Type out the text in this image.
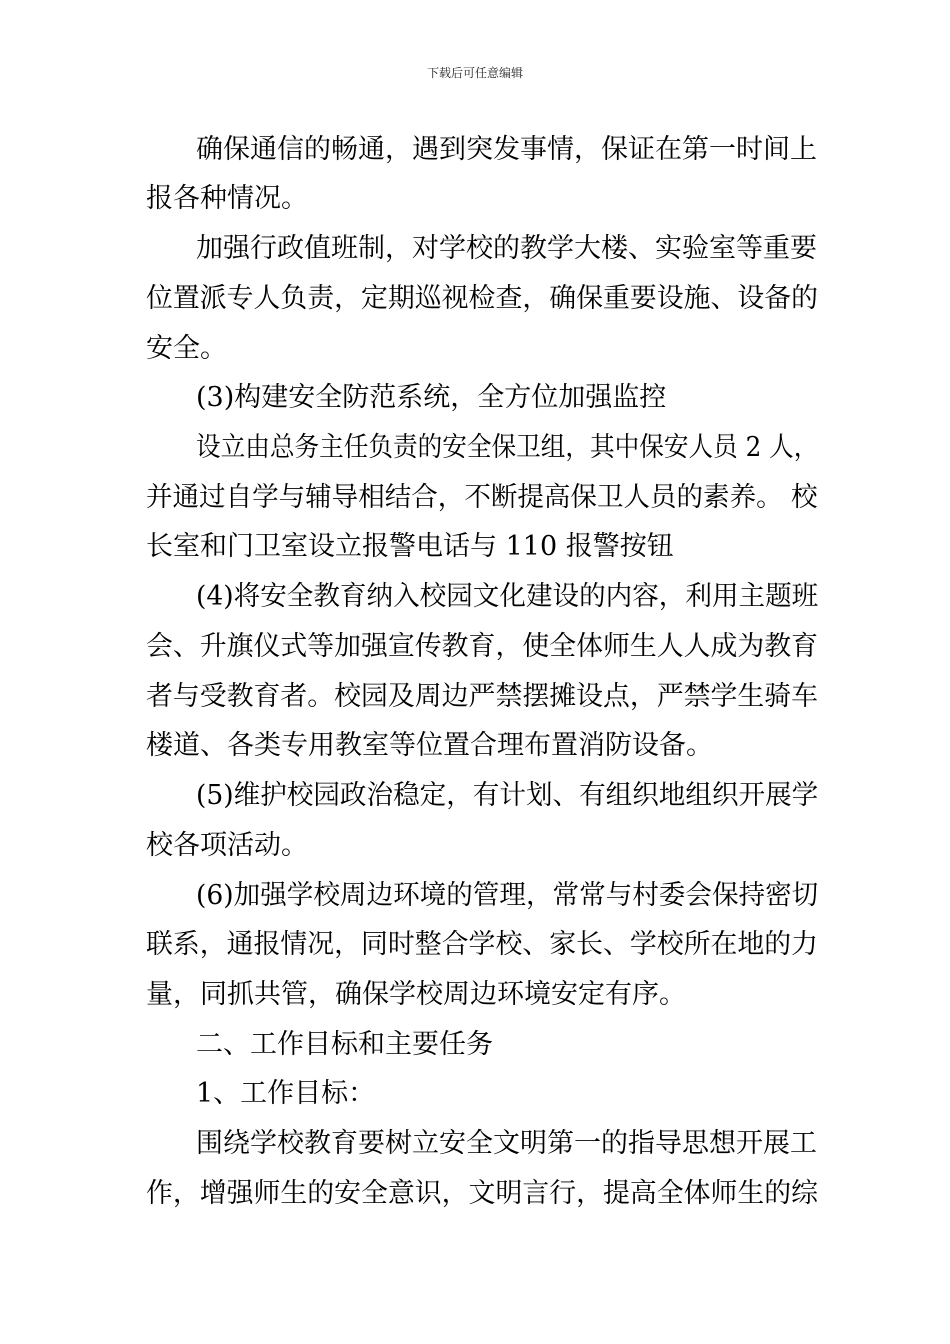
下载后可任意编辑
确保通信的畅通，遇到突发事情，保证在第一时间上
报各种情况。
加强行政值班制，对学校的教学大楼、实验室等重要
位置派专人负责，定期巡视检查，确保重要设施、设备的
安全。
(3)构建安全防范系统，全方位加强监控
设立由总务主任负责的安全保卫组，其中保安人员 2 人，
并通过自学与辅导相结合，不断提高保卫人员的素养。 校
长室和门卫室设立报警电话与 110 报警按钮
(4)将安全教育纳入校园文化建设的内容，利用主题班
会、升旗仪式等加强宣传教育，使全体师生人人成为教育
者与受教育者。校园及周边严禁摆摊设点，严禁学生骑车
楼道、各类专用教室等位置合理布置消防设备。
(5)维护校园政治稳定，有计划、有组织地组织开展学
校各项活动。
(6)加强学校周边环境的管理，常常与村委会保持密切
联系，通报情况，同时整合学校、家长、学校所在地的力
量，同抓共管，确保学校周边环境安定有序。
二、工作目标和主要任务
1、工作目标：
围绕学校教育要树立安全文明第一的指导思想开展工
作，增强师生的安全意识，文明言行，提高全体师生的综
